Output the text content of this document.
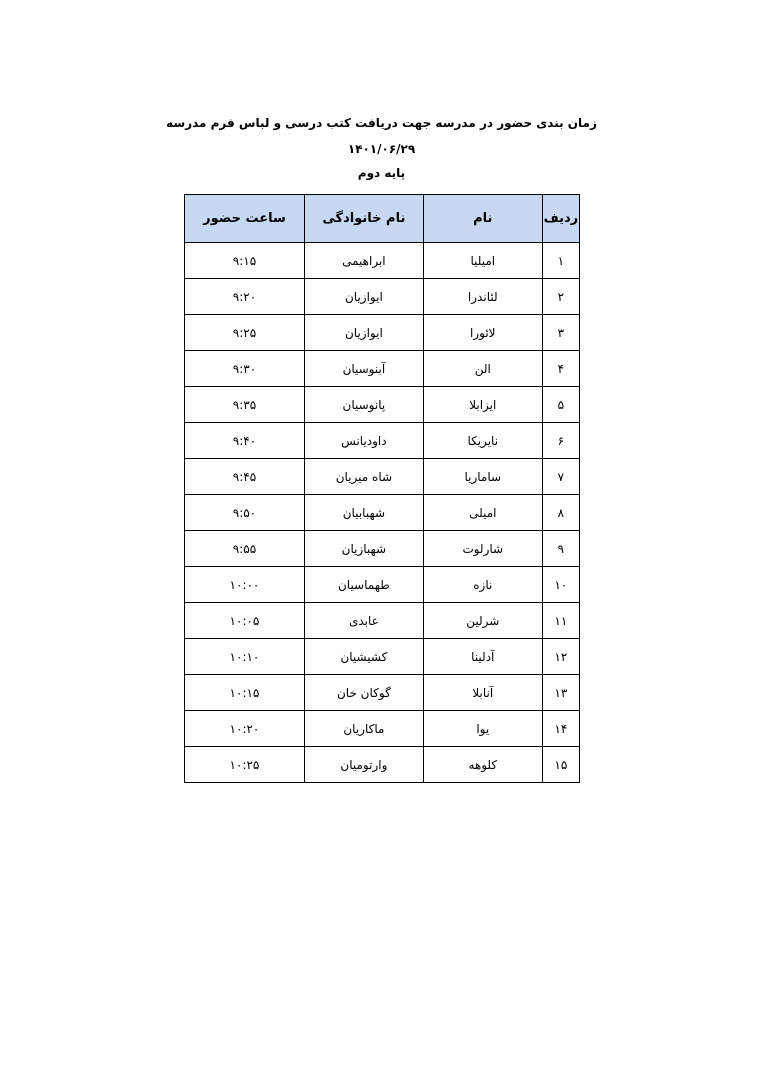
زمان بندی حضور در مدرسه جهت دریافت کتب درسی و لباس فرم مدرسه
۱۴۰۱/۰۶/۲۹
پایه دوم
ردیف	نام	نام خانوادگی	ساعت حضور
۱	امیلیا	ابراهیمی	۹:۱۵
۲	لئاندرا	ایوازیان	۹:۲۰
۳	لائورا	ایوازیان	۹:۲۵
۴	الن	آبنوسیان	۹:۳۰
۵	ایزابلا	پانوسیان	۹:۳۵
۶	نایریکا	داودیانس	۹:۴۰
۷	ساماریا	شاه میریان	۹:۴۵
۸	امیلی	شهبابیان	۹:۵۰
۹	شارلوت	شهبازیان	۹:۵۵
۱۰	نازه	طهماسیان	۱۰:۰۰
۱۱	شرلین	عابدی	۱۰:۰۵
۱۲	آدلینا	کشیشیان	۱۰:۱۰
۱۳	آنابلا	گوکان خان	۱۰:۱۵
۱۴	یوا	ماکاریان	۱۰:۲۰
۱۵	کلوهه	وارتومیان	۱۰:۲۵
